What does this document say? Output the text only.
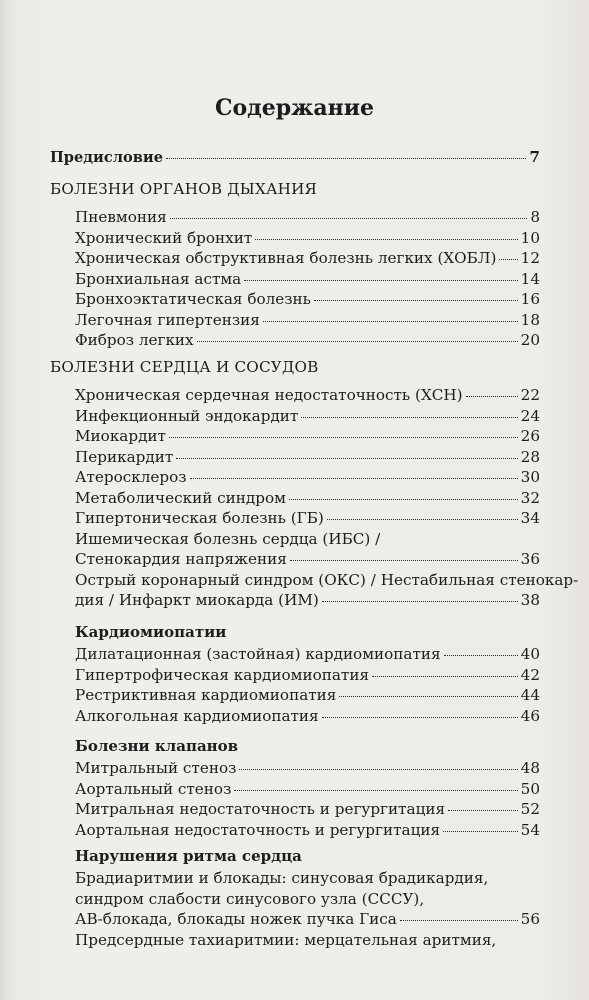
Содержание
Предисловие	7
БОЛЕЗНИ ОРГАНОВ ДЫХАНИЯ
Пневмония	8
Хронический бронхит	10
Хроническая обструктивная болезнь легких (ХОБЛ) 12
Бронхиальная астма	14
Бронхоэктатическая болезнь	16
Легочная гипертензия	18
Фиброз легких	20
БОЛЕЗНИ СЕРДЦА И СОСУДОВ
Хроническая сердечная недостаточность (ХСН)	22
Инфекционный эндокардит	24
Миокардит	26
Перикардит	28
Атеросклероз	30
Метаболический синдром	32
Гипертоническая болезнь (ГБ)	34
Ишемическая болезнь сердца (ИБС) /
Стенокардия напряжения	36
Острый коронарный синдром (ОКС) / Нестабильная стенокар-
дия / Инфаркт миокарда (ИМ)	38
Кардиомиопатии
Дилатационная (застойная) кардиомиопатия	40
Гипертрофическая кардиомиопатия	42
Рестриктивная кардиомиопатия	44
Алкогольная кардиомиопатия	46
Болезни клапанов
Митральный стеноз	48
Аортальный стеноз	50
Митральная недостаточность и регургитация	52
Аортальная недостаточность и регургитация	54
Нарушения ритма сердца
Брадиаритмии и блокады: синусовая брадикардия,
синдром слабости синусового узла (СССУ),
АВ-блокада, блокады ножек пучка Гиса	56
Предсердные тахиаритмии: мерцательная аритмия,
